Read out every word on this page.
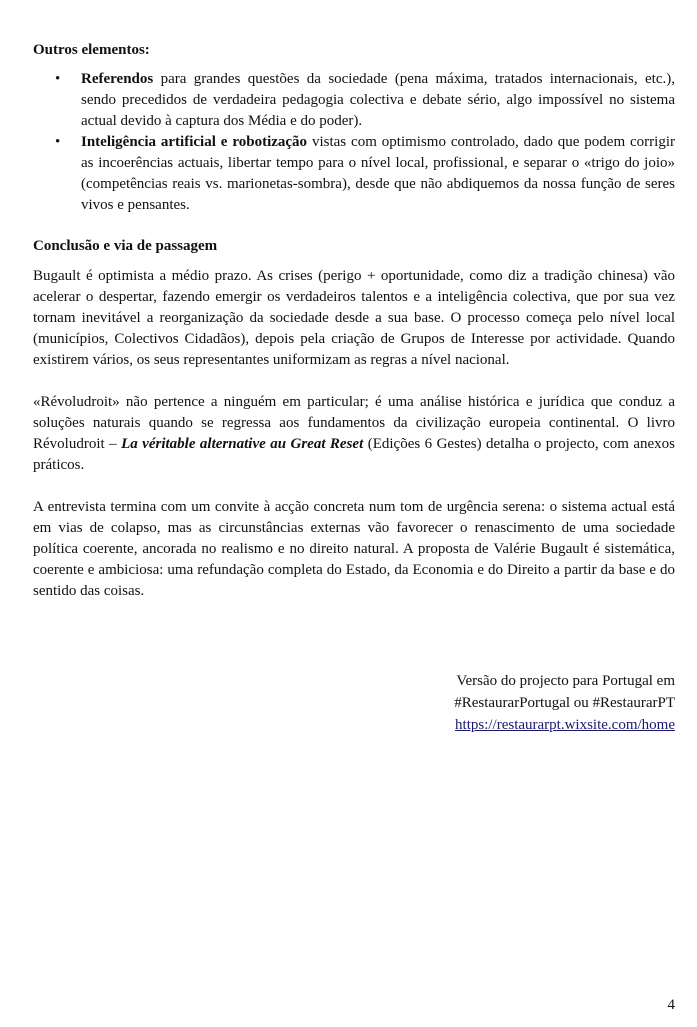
Outros elementos:

• Referendos para grandes questões da sociedade (pena máxima, tratados internacionais, etc.), sendo precedidos de verdadeira pedagogia colectiva e debate sério, algo impossível no sistema actual devido à captura dos Média e do poder).
• Inteligência artificial e robotização vistas com optimismo controlado, dado que podem corrigir as incoerências actuais, libertar tempo para o nível local, profissional, e separar o «trigo do joio» (competências reais vs. marionetas-sombra), desde que não abdiquemos da nossa função de seres vivos e pensantes.

Conclusão e via de passagem

Bugault é optimista a médio prazo. As crises (perigo + oportunidade, como diz a tradição chinesa) vão acelerar o despertar, fazendo emergir os verdadeiros talentos e a inteligência colectiva, que por sua vez tornam inevitável a reorganização da sociedade desde a sua base. O processo começa pelo nível local (municípios, Colectivos Cidadãos), depois pela criação de Grupos de Interesse por actividade. Quando existirem vários, os seus representantes uniformizam as regras a nível nacional.

«Révoludroit» não pertence a ninguém em particular; é uma análise histórica e jurídica que conduz a soluções naturais quando se regressa aos fundamentos da civilização europeia continental. O livro Révoludroit – La véritable alternative au Great Reset (Edições 6 Gestes) detalha o projecto, com anexos práticos.

A entrevista termina com um convite à acção concreta num tom de urgência serena: o sistema actual está em vias de colapso, mas as circunstâncias externas vão favorecer o renascimento de uma sociedade política coerente, ancorada no realismo e no direito natural. A proposta de Valérie Bugault é sistemática, coerente e ambiciosa: uma refundação completa do Estado, da Economia e do Direito a partir da base e do sentido das coisas.

Versão do projecto para Portugal em
#RestaurarPortugal ou #RestaurarPT
https://restaurarpt.wixsite.com/home
4
